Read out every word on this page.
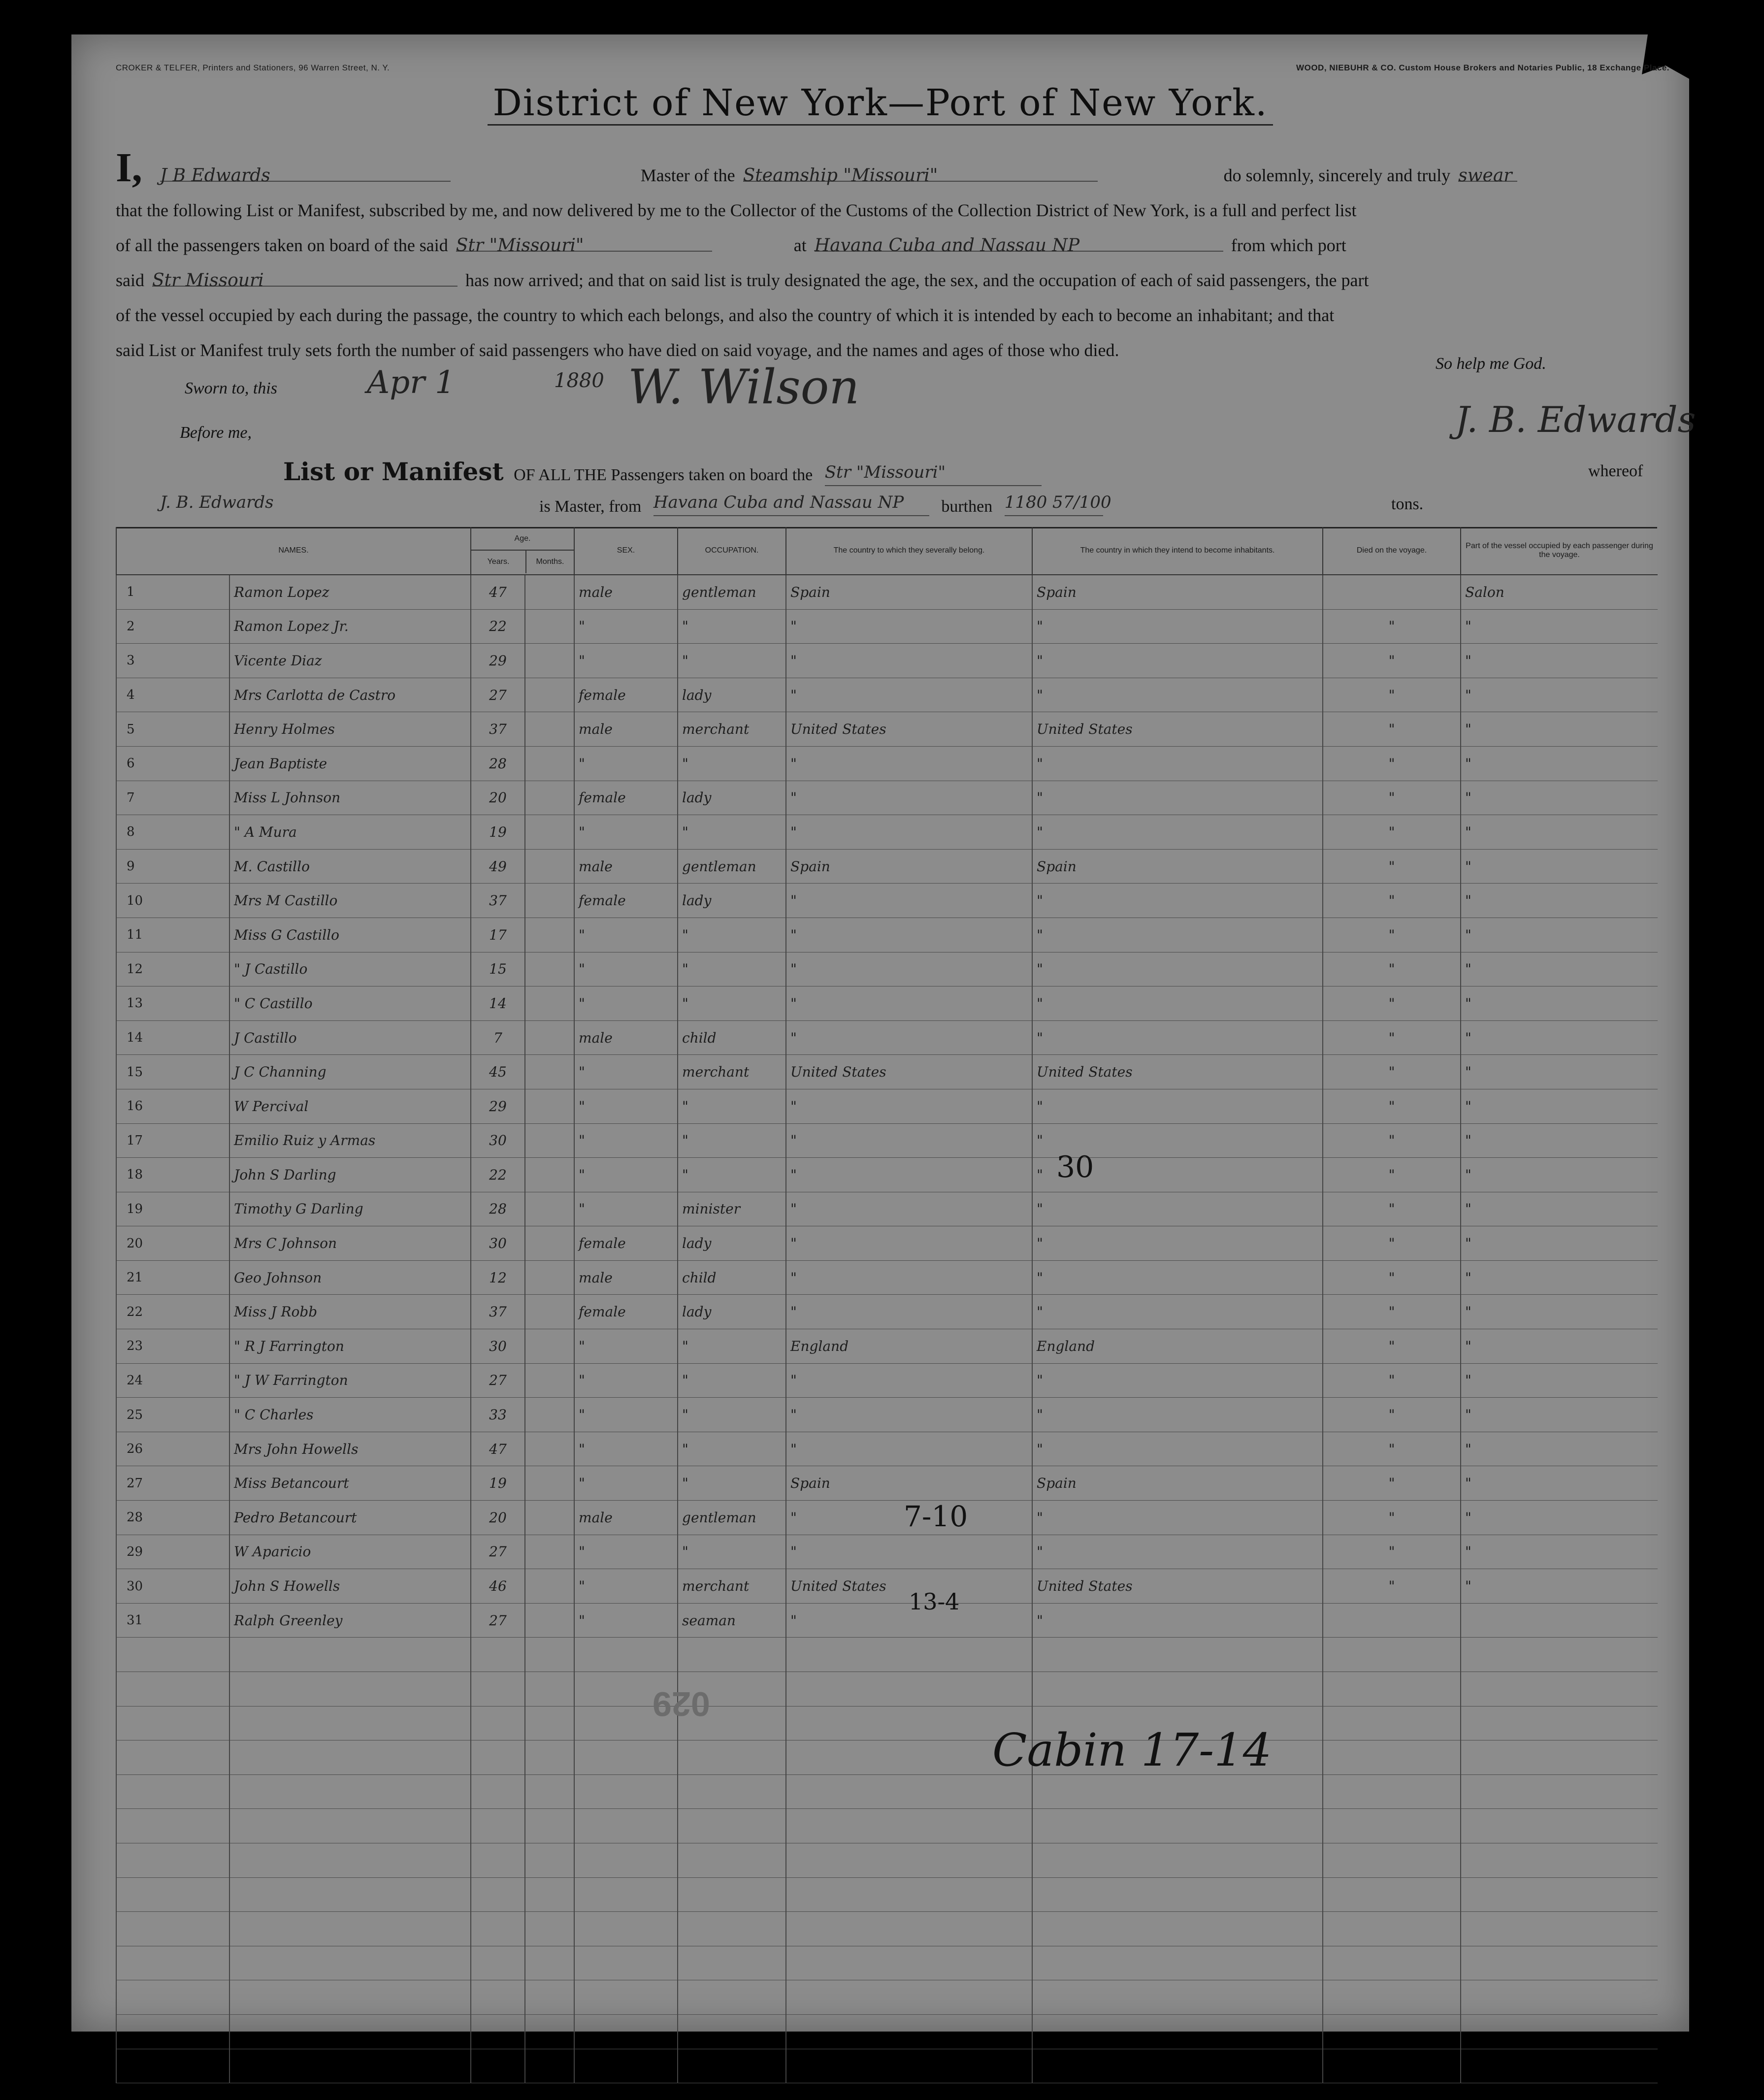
CROKER & TELFER, Printers and Stationers, 96 Warren Street, N. Y.	WOOD, NIEBUHR & CO. Custom House Brokers and Notaries Public, 18 Exchange Place.
District of New York—Port of New York.
I, J B Edwards	Master of the Steamship "Missouri"	do solemnly, sincerely and truly swear
that the following List or Manifest, subscribed by me, and now delivered by me to the Collector of the Customs of the Collection District of New York, is a full and perfect list
of all the passengers taken on board of the said Str "Missouri"	at Havana Cuba and Nassau NP	from which port
said Str Missouri	has now arrived; and that on said list is truly designated the age, the sex, and the occupation of each of said passengers, the part
of the vessel occupied by each during the passage, the country to which each belongs, and also the country of which it is intended by each to become an inhabitant; and that
said List or Manifest truly sets forth the number of said passengers who have died on said voyage, and the names and ages of those who died.
So help me God.
Sworn to, this	Apr 1	1880 W. Wilson
Before me,	J. B. Edwards
List or Manifest OF ALL THE Passengers taken on board the Str "Missouri"	whereof
J. B. Edwards	is Master, from Havana Cuba and Nassau NP burthen 1180 57/100	tons.
NAMES.		Age.
Years. Months.		SEX.	OCCUPATION.	The country to which they severally belong.	The country in which they intend to become inhabitants.	Died on the voyage.	Part of the vessel occupied by each passenger during the voyage.
1	Ramon Lopez	47		male	gentleman	Spain	Spain		Salon
2	Ramon Lopez Jr.	22		"	"	"	"	"	"
3	Vicente Diaz	29		"	"	"	"	"	"
4	Mrs Carlotta de Castro	27		female	lady	"	"	"	"
5	Henry Holmes	37		male	merchant	United States	United States	"	"
6	Jean Baptiste	28		"	"	"	"	"	"
7	Miss L Johnson	20		female	lady	"	"	"	"
8	" A Mura	19		"	"	"	"	"	"
9	M. Castillo	49		male	gentleman	Spain	Spain	"	"
10	Mrs M Castillo	37		female	lady	"	"	"	"
11	Miss G Castillo	17		"	"	"	"	"	"
12	" J Castillo	15		"	"	"	"	"	"
13	" C Castillo	14		"	"	"	"	"	"
14	J Castillo	7		male	child	"	"	"	"
15	J C Channing	45		"	merchant	United States	United States	"	"
16	W Percival	29		"	"	"	"	"	"
17	Emilio Ruiz y Armas	30		"	"	"	"	"	"
18	John S Darling	22		"	"	"	"	"	"
19	Timothy G Darling	28		"	minister	"	"	"	"
20	Mrs C Johnson	30		female	lady	"	"	"	"
21	Geo Johnson	12		male	child	"	"	"	"
22	Miss J Robb	37		female	lady	"	"	"	"
23	" R J Farrington	30		"	"	England	England	"	"
24	" J W Farrington	27		"	"	"	"	"	"
25	" C Charles	33		"	"	"	"	"	"
26	Mrs John Howells	47		"	"	"	"	"	"
27	Miss Betancourt	19		"	"	Spain	Spain	"	"
28	Pedro Betancourt	20		male	gentleman	"	"	"	"
29	W Aparicio	27		"	"	"	"	"	"
30	John S Howells	46		"	merchant	United States	United States	"	"
31	Ralph Greenley	27		"	seaman	"	"		

30
7-10
13-4
Cabin 17-14
029
